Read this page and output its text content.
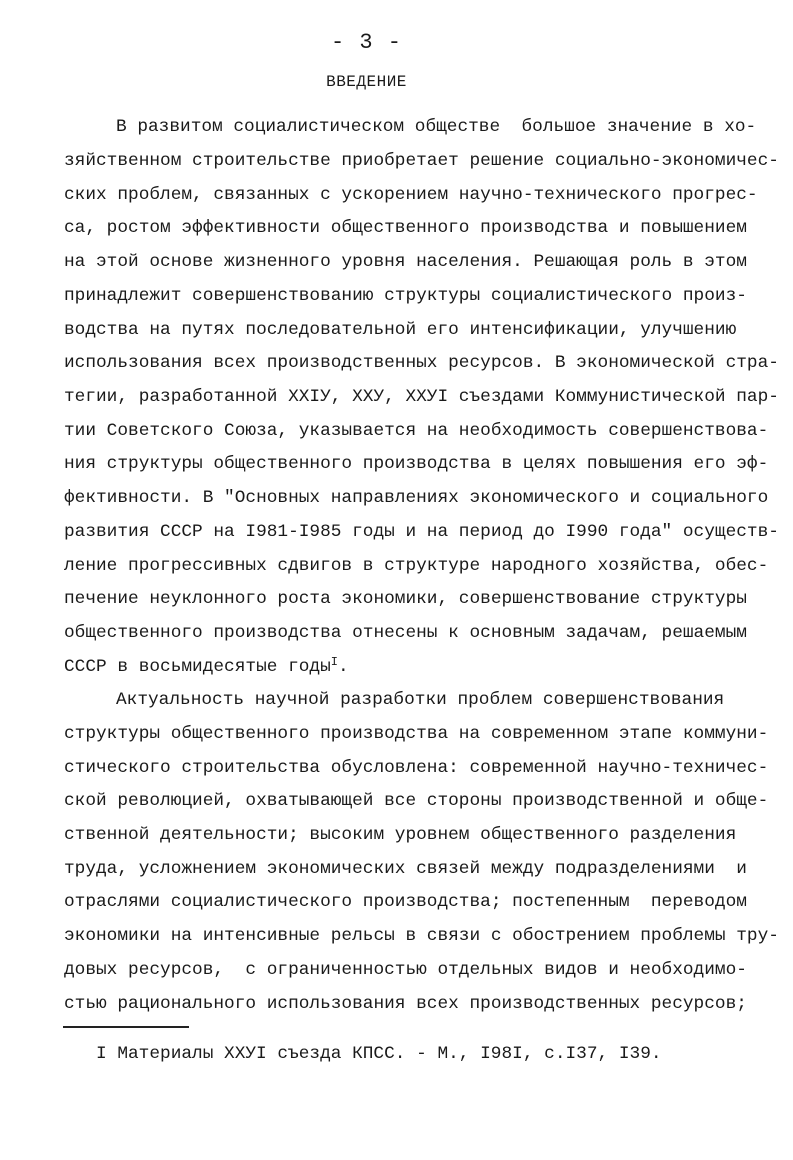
- 3 -
ВВЕДЕНИЕ
В развитом социалистическом обществе  большое значение в хо-
зяйственном строительстве приобретает решение социально-экономичес-
ских проблем, связанных с ускорением научно-технического прогрес-
са, ростом эффективности общественного производства и повышением
на этой основе жизненного уровня населения. Решающая роль в этом
принадлежит совершенствованию структуры социалистического произ-
водства на путях последовательной его интенсификации, улучшению
использования всех производственных ресурсов. В экономической стра-
тегии, разработанной XXIУ, XXУ, XXУI съездами Коммунистической пар-
тии Советского Союза, указывается на необходимость совершенствова-
ния структуры общественного производства в целях повышения его эф-
фективности. В "Основных направлениях экономического и социального
развития СССР на I981-I985 годы и на период до I990 года" осуществ-
ление прогрессивных сдвигов в структуре народного хозяйства, обес-
печение неуклонного роста экономики, совершенствование структуры
общественного производства отнесены к основным задачам, решаемым
СССР в восьмидесятые годы$^I$.
Актуальность научной разработки проблем совершенствования
структуры общественного производства на современном этапе коммуни-
стического строительства обусловлена: современной научно-техничес-
ской революцией, охватывающей все стороны производственной и обще-
ственной деятельности; высоким уровнем общественного разделения
труда, усложнением экономических связей между подразделениями  и
отраслями социалистического производства; постепенным  переводом
экономики на интенсивные рельсы в связи с обострением проблемы тру-
довых ресурсов,  с ограниченностью отдельных видов и необходимо-
стью рационального использования всех производственных ресурсов;
I Материалы XXУI съезда КПСС. - М., I98I, с.I37, I39.
